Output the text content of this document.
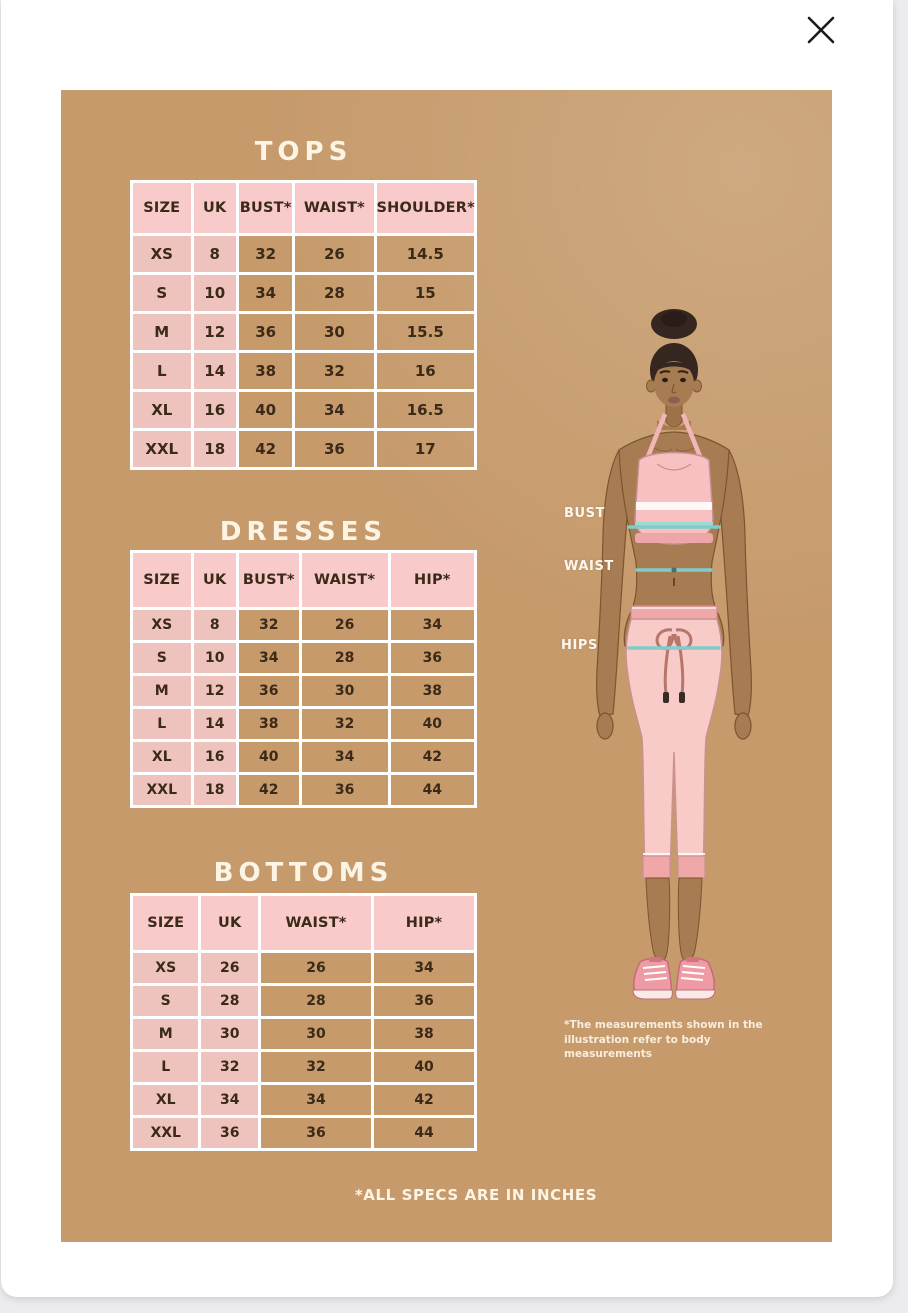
TOPS
SIZE	UK	BUST*	WAIST*	SHOULDER*
XS	8	32	26	14.5
S	10	34	28	15
M	12	36	30	15.5
L	14	38	32	16
XL	16	40	34	16.5
XXL	18	42	36	17
DRESSES
SIZE	UK	BUST*	WAIST*	HIP*
XS	8	32	26	34
S	10	34	28	36
M	12	36	30	38
L	14	38	32	40
XL	16	40	34	42
XXL	18	42	36	44
BOTTOMS
SIZE	UK	WAIST*	HIP*
XS	26	26	34
S	28	28	36
M	30	30	38
L	32	32	40
XL	34	34	42
XXL	36	36	44
BUST
WAIST
HIPS
*The measurements shown in the illustration refer to body measurements
*ALL SPECS ARE IN INCHES
